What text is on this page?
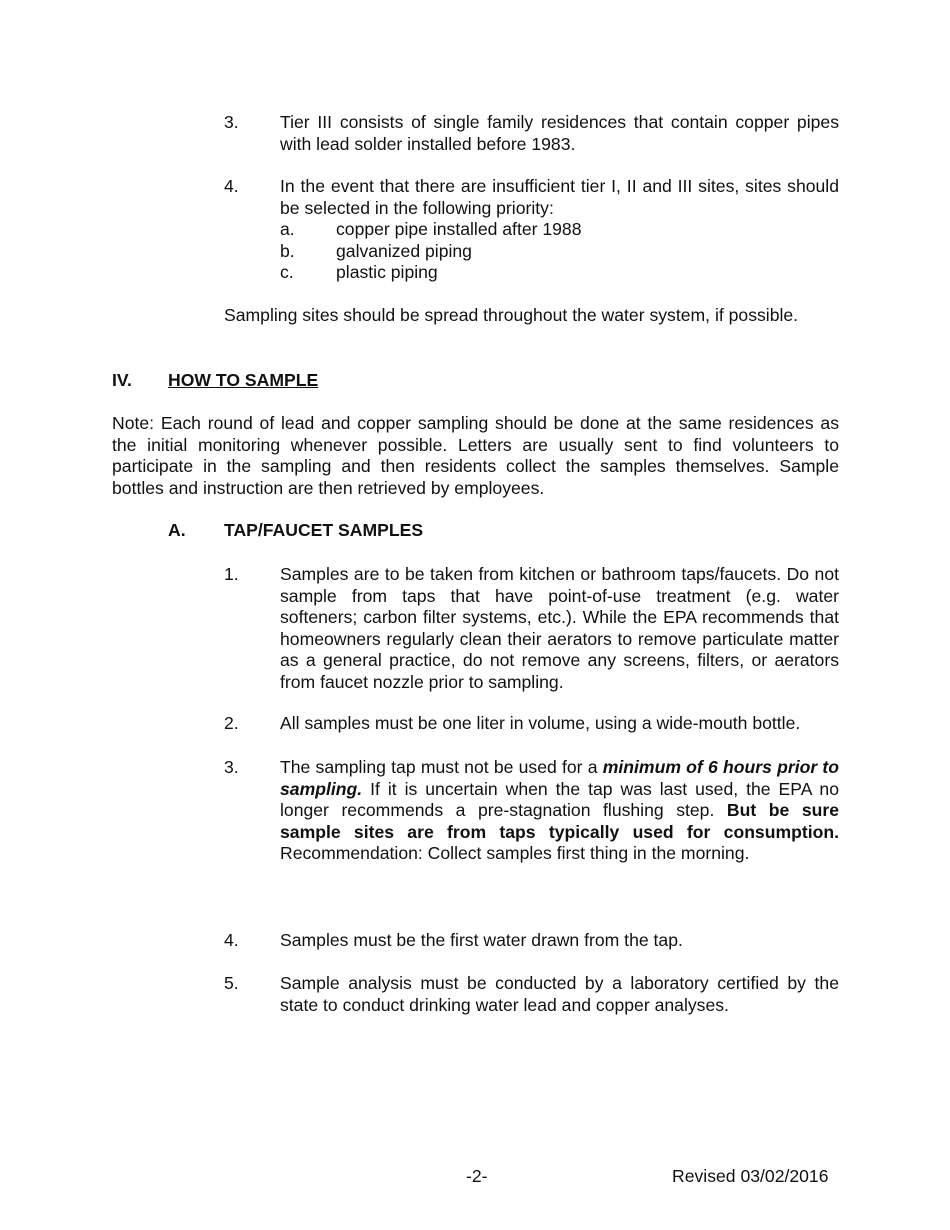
3. Tier III consists of single family residences that contain copper pipes with lead solder installed before 1983.
4. In the event that there are insufficient tier I, II and III sites, sites should be selected in the following priority:
a. copper pipe installed after 1988
b. galvanized piping
c. plastic piping
Sampling sites should be spread throughout the water system, if possible.
IV. HOW TO SAMPLE
Note: Each round of lead and copper sampling should be done at the same residences as the initial monitoring whenever possible. Letters are usually sent to find volunteers to participate in the sampling and then residents collect the samples themselves. Sample bottles and instruction are then retrieved by employees.
A. TAP/FAUCET SAMPLES
1. Samples are to be taken from kitchen or bathroom taps/faucets. Do not sample from taps that have point-of-use treatment (e.g. water softeners; carbon filter systems, etc.). While the EPA recommends that homeowners regularly clean their aerators to remove particulate matter as a general practice, do not remove any screens, filters, or aerators from faucet nozzle prior to sampling.
2. All samples must be one liter in volume, using a wide-mouth bottle.
3. The sampling tap must not be used for a minimum of 6 hours prior to sampling. If it is uncertain when the tap was last used, the EPA no longer recommends a pre-stagnation flushing step. But be sure sample sites are from taps typically used for consumption. Recommendation: Collect samples first thing in the morning.
4. Samples must be the first water drawn from the tap.
5. Sample analysis must be conducted by a laboratory certified by the state to conduct drinking water lead and copper analyses.
-2-	Revised 03/02/2016
